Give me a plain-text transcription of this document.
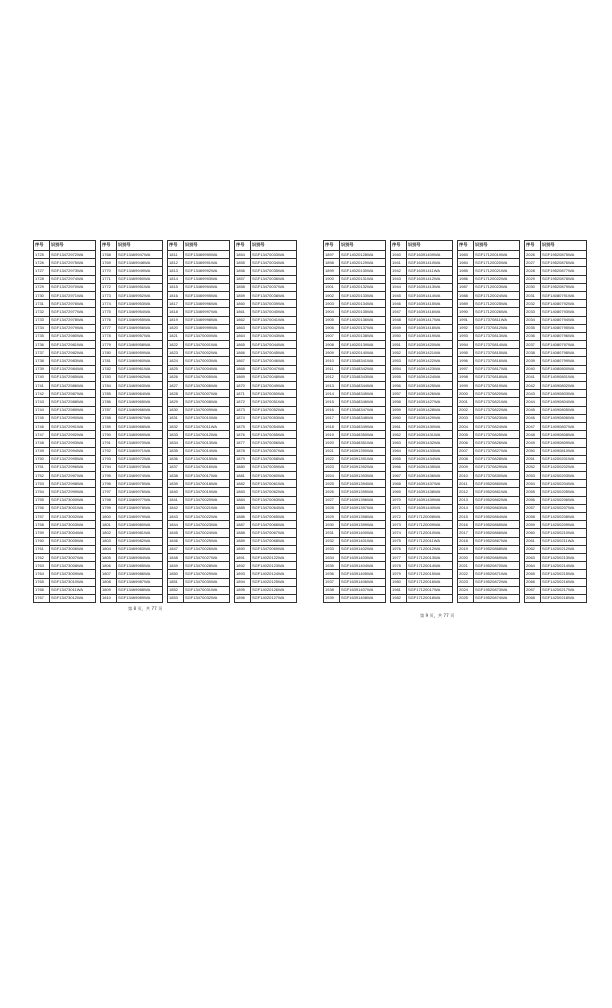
序号	识别号
1725	SGF13472972WA
1726	SGF13472975WA
1727	SGF13472973WA
1728	SGF13472974WA
1729	SGF13472970WA
1730	SGF13472971WA
1731	SGF13472976WA
1732	SGF13472977WA
1733	SGF13472978WA
1734	SGF13472979WA
1735	SGF13472980WA
1736	SGF13472981WA
1737	SGF13472982WA
1738	SGF13472983WA
1739	SGF13472984WA
1740	SGF13472985WA
1741	SGF13472986WA
1742	SGF13472987WA
1743	SGF13472988WA
1744	SGF13472989WA
1745	SGF13472990WA
1746	SGF13472991WA
1747	SGF13472992WA
1748	SGF13472993WA
1749	SGF13472994WA
1750	SGF13472995WA
1751	SGF13472996WA
1752	SGF13472997WA
1753	SGF13472998WA
1754	SGF13472999WA
1755	SGF13473000WA
1756	SGF13473001WA
1757	SGF13473002WA
1758	SGF13473003WA
1759	SGF13473004WA
1760	SGF13473005WA
1761	SGF13473006WA
1762	SGF13473007WA
1763	SGF13473008WA
1764	SGF13473009WA
1765	SGF13473010WA
1766	SGF13473011WA
1767	SGF13473012WA
序号	识别号
1768	SGF13469947WA
1769	SGF13469948WA
1770	SGF13469949WA
1771	SGF13469950WA
1772	SGF13469951WA
1773	SGF13469952WA
1774	SGF13469953WA
1775	SGF13469954WA
1776	SGF13469955WA
1777	SGF13469956WA
1778	SGF13469957WA
1779	SGF13469958WA
1780	SGF13469959WA
1781	SGF13469960WA
1782	SGF13469961WA
1783	SGF13469962WA
1784	SGF13469963WA
1785	SGF13469964WA
1786	SGF13469965WA
1787	SGF13469966WA
1788	SGF13469967WA
1789	SGF13469968WA
1790	SGF13469969WA
1791	SGF13469970WA
1792	SGF13469971WA
1793	SGF13469972WA
1794	SGF13469973WA
1795	SGF13469974WA
1796	SGF13469975WA
1797	SGF13469976WA
1798	SGF13469977WA
1799	SGF13469978WA
1800	SGF13469979WA
1801	SGF13469980WA
1802	SGF13469981WA
1803	SGF13469982WA
1804	SGF13469983WA
1805	SGF13469984WA
1806	SGF13469985WA
1807	SGF13469986WA
1808	SGF13469987WA
1809	SGF13469988WA
1810	SGF13469989WA
序号	识别号
1811	SGF13469990WA
1812	SGF13469991WA
1813	SGF13469992WA
1814	SGF13469993WA
1815	SGF13469994WA
1816	SGF13469995WA
1817	SGF13469996WA
1818	SGF13469997WA
1819	SGF13469998WA
1820	SGF13469999WA
1821	SGF13470000WA
1822	SGF13470001WA
1823	SGF13470002WA
1824	SGF13470003WA
1825	SGF13470004WA
1826	SGF13470005WA
1827	SGF13470006WA
1828	SGF13470007WA
1829	SGF13470008WA
1830	SGF13470009WA
1831	SGF13470010WA
1832	SGF13470011WA
1833	SGF13470012WA
1834	SGF13470013WA
1835	SGF13470014WA
1836	SGF13470015WA
1837	SGF13470016WA
1838	SGF13470017WA
1839	SGF13470018WA
1840	SGF13470019WA
1841	SGF13470020WA
1842	SGF13470021WA
1843	SGF13470022WA
1844	SGF13470023WA
1845	SGF13470024WA
1846	SGF13470025WA
1847	SGF13470026WA
1848	SGF13470027WA
1849	SGF13470028WA
1850	SGF13470029WA
1851	SGF13470030WA
1852	SGF13470031WA
1853	SGF13470032WA
序号	识别号
1854	SGF13470033WA
1855	SGF13470034WA
1856	SGF13470035WA
1857	SGF13470036WA
1858	SGF13470037WA
1859	SGF13470038WA
1860	SGF13470039WA
1861	SGF13470040WA
1862	SGF13470041WA
1863	SGF13470042WA
1864	SGF13470043WA
1865	SGF13470044WA
1866	SGF13470045WA
1867	SGF13470046WA
1868	SGF13470047WA
1869	SGF13470048WA
1870	SGF13470049WA
1871	SGF13470050WA
1872	SGF13470051WA
1873	SGF13470052WA
1874	SGF13470053WA
1875	SGF13470054WA
1876	SGF13470055WA
1877	SGF13470056WA
1878	SGF13470057WA
1879	SGF13470058WA
1880	SGF13470059WA
1881	SGF13470060WA
1882	SGF13470061WA
1883	SGF13470062WA
1884	SGF13470063WA
1885	SGF13470064WA
1886	SGF13470065WA
1887	SGF13470066WA
1888	SGF13470067WA
1889	SGF13470068WA
1890	SGF13470069WA
1891	SGF14020122WA
1892	SGF14020123WA
1893	SGF14020124WA
1894	SGF14020125WA
1895	SGF14020126WA
1896	SGF14020127WA
第 8 页，共 77 页
序号	识别号
1897	SGF14020128WA
1898	SGF14020129WA
1899	SGF14020130WA
1900	SGF14020131WA
1901	SGF14020132WA
1902	SGF14020133WA
1903	SGF14020134WA
1904	SGF14020135WA
1905	SGF14020136WA
1906	SGF14020137WA
1907	SGF14020138WA
1908	SGF14020139WA
1909	SGF14020140WA
1910	SGF13348341WA
1911	SGF13348342WA
1912	SGF13348343WA
1913	SGF13348344WA
1914	SGF13348345WA
1915	SGF13348346WA
1916	SGF13348347WA
1917	SGF13348348WA
1918	SGF13348349WA
1919	SGF13348350WA
1920	SGF13348351WA
1921	SGF16391390WA
1922	SGF16391391WA
1923	SGF16391392WA
1924	SGF16391393WA
1925	SGF16391394WA
1926	SGF16391395WA
1927	SGF16391396WA
1928	SGF16391397WA
1929	SGF16391398WA
1930	SGF16391399WA
1931	SGF16391400WA
1932	SGF16391401WA
1933	SGF16391402WA
1934	SGF16391403WA
1935	SGF16391404WA
1936	SGF16391405WA
1937	SGF16391406WA
1938	SGF16391407WA
1939	SGF16391408WA
序号	识别号
1940	SGF16391409WA
1941	SGF16391410WA
1942	SGF16391411WA
1943	SGF16391412WA
1944	SGF16391413WA
1945	SGF16391414WA
1946	SGF16391415WA
1947	SGF16391416WA
1948	SGF16391417WA
1949	SGF16391418WA
1950	SGF16391419WA
1951	SGF16391420WA
1952	SGF16391421WA
1953	SGF16391422WA
1954	SGF16391423WA
1955	SGF16391424WA
1956	SGF16391425WA
1957	SGF16391426WA
1958	SGF16391427WA
1959	SGF16391428WA
1960	SGF16391429WA
1961	SGF16391430WA
1962	SGF16391431WA
1963	SGF16391432WA
1964	SGF16391433WA
1965	SGF16391434WA
1966	SGF16391435WA
1967	SGF16391436WA
1968	SGF16391437WA
1969	SGF16391438WA
1970	SGF16391439WA
1971	SGF16391440WA
1972	SGF17120008WA
1973	SGF17120009WA
1974	SGF17120010WA
1975	SGF17120011WA
1976	SGF17120012WA
1977	SGF17120013WA
1978	SGF17120014WA
1979	SGF17120015WA
1980	SGF17120016WA
1981	SGF17120017WA
1982	SGF17120018WA
序号	识别号
1983	SGF17120019WA
1984	SGF17120020WA
1985	SGF17120021WA
1986	SGF17120022WA
1987	SGF17120023WA
1988	SGF17120024WA
1989	SGF17120025WA
1990	SGF17120026WA
1991	SGF17370811WA
1992	SGF17370812WA
1993	SGF17370813WA
1994	SGF17370814WA
1995	SGF17370815WA
1996	SGF17370816WA
1997	SGF17370817WA
1998	SGF17370818WA
1999	SGF17370819WA
2000	SGF17370820WA
2001	SGF17370821WA
2002	SGF17370822WA
2003	SGF17370823WA
2004	SGF17370824WA
2005	SGF17370825WA
2006	SGF17370826WA
2007	SGF17370827WA
2008	SGF17370828WA
2009	SGF17370829WA
2010	SGF17370830WA
2011	SGF19520860WA
2012	SGF19520861WA
2013	SGF19520862WA
2014	SGF19520863WA
2015	SGF19520864WA
2016	SGF19520865WA
2017	SGF19520866WA
2018	SGF19520867WA
2019	SGF19520868WA
2020	SGF19520869WA
2021	SGF19520870WA
2022	SGF19520871WA
2023	SGF19520872WA
2024	SGF19520873WA
2025	SGF19520874WA
序号	识别号
2026	SGF19520875WA
2027	SGF19520876WA
2028	SGF19520877WA
2029	SGF19520878WA
2030	SGF19520879WA
2031	SGF14080791WA
2032	SGF14080792WA
2033	SGF14080793WA
2034	SGF14080794WA
2035	SGF14080795WA
2036	SGF14080796WA
2037	SGF14080797WA
2038	SGF14080798WA
2039	SGF14080799WA
2040	SGF14080800WA
2041	SGF14090801WA
2042	SGF14090802WA
2043	SGF14090803WA
2044	SGF14090804WA
2045	SGF14090805WA
2046	SGF14090806WA
2047	SGF14090807WA
2048	SGF14090808WA
2049	SGF14090809WA
2050	SGF14090810WA
2051	SGF14200201WA
2052	SGF14200202WA
2053	SGF14200203WA
2054	SGF14200204WA
2055	SGF14200205WA
2056	SGF14200206WA
2057	SGF14200207WA
2058	SGF14200208WA
2059	SGF14200209WA
2060	SGF14200210WA
2061	SGF14200211WA
2062	SGF14200212WA
2063	SGF14200213WA
2064	SGF14200214WA
2065	SGF14200215WA
2066	SGF14200216WA
2067	SGF14200217WA
2068	SGF14200218WA
第 9 页，共 77 页
